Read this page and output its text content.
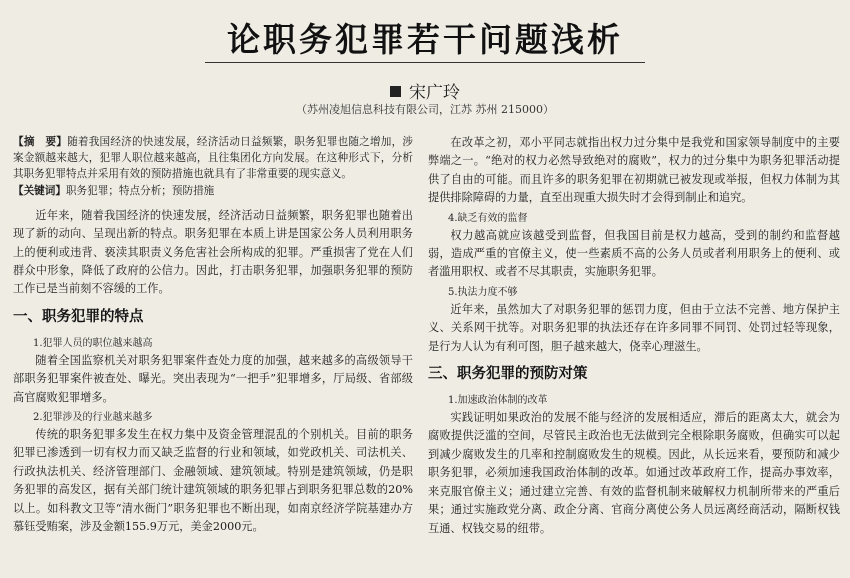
论职务犯罪若干问题浅析
宋广玲
（苏州凌旭信息科技有限公司，江苏 苏州 215000）

【摘　要】随着我国经济的快速发展，经济活动日益频繁，职务犯罪也随之增加，涉案金额越来越大，犯罪人职位越来越高，且往集团化方向发展。在这种形式下，分析其职务犯罪特点并采用有效的预防措施也就具有了非常重要的现实意义。

【关键词】职务犯罪；特点分析；预防措施

近年来，随着我国经济的快速发展，经济活动日益频繁，职务犯罪也随着出现了新的动向、呈现出新的特点。职务犯罪在本质上讲是国家公务人员利用职务上的便利或违背、亵渎其职责义务危害社会所构成的犯罪。严重损害了党在人们群众中形象，降低了政府的公信力。因此，打击职务犯罪，加强职务犯罪的预防工作已是当前刻不容缓的工作。

一、职务犯罪的特点
1.犯罪人员的职位越来越高

随着全国监察机关对职务犯罪案件查处力度的加强，越来越多的高级领导干部职务犯罪案件被查处、曝光。突出表现为“一把手”犯罪增多，厅局级、省部级高官腐败犯罪增多。

2.犯罪涉及的行业越来越多

传统的职务犯罪多发生在权力集中及资金管理混乱的个别机关。目前的职务犯罪已渗透到一切有权力而又缺乏监督的行业和领域，如党政机关、司法机关、行政执法机关、经济管理部门、金融领域、建筑领域。特别是建筑领域，仍是职务犯罪的高发区，据有关部门统计建筑领域的职务犯罪占到职务犯罪总数的20%以上。如科教文卫等“清水衙门”职务犯罪也不断出现，如南京经济学院基建办方慕钰受贿案，涉及金额155.9万元，美金2000元。

在改革之初，邓小平同志就指出权力过分集中是我党和国家领导制度中的主要弊端之一。“绝对的权力必然导致绝对的腐败”，权力的过分集中为职务犯罪活动提供了自由的可能。而且许多的职务犯罪在初期就已被发现或举报，但权力体制为其提供排除障碍的力量，直至出现重大损失时才会得到制止和追究。

4.缺乏有效的监督

权力越高就应该越受到监督，但我国目前是权力越高，受到的制约和监督越弱，造成严重的官僚主义，使一些素质不高的公务人员或者利用职务上的便利、或者滥用职权、或者不尽其职责，实施职务犯罪。

5.执法力度不够

近年来，虽然加大了对职务犯罪的惩罚力度，但由于立法不完善、地方保护主义、关系网干扰等。对职务犯罪的执法还存在许多同罪不同罚、处罚过轻等现象，是行为人认为有利可图，胆子越来越大，侥幸心理滋生。

三、职务犯罪的预防对策
1.加速政治体制的改革

实践证明如果政治的发展不能与经济的发展相适应，滞后的距离太大，就会为腐败提供泛滥的空间，尽管民主政治也无法做到完全根除职务腐败，但确实可以起到减少腐败发生的几率和控制腐败发生的规模。因此，从长远来看，要预防和减少职务犯罪，必须加速我国政治体制的改革。如通过改革政府工作，提高办事效率，来克服官僚主义；通过建立完善、有效的监督机制来破解权力机制所带来的严重后果；通过实施政党分离、政企分离、官商分离使公务人员远离经商活动，隔断权钱互通、权钱交易的纽带。
